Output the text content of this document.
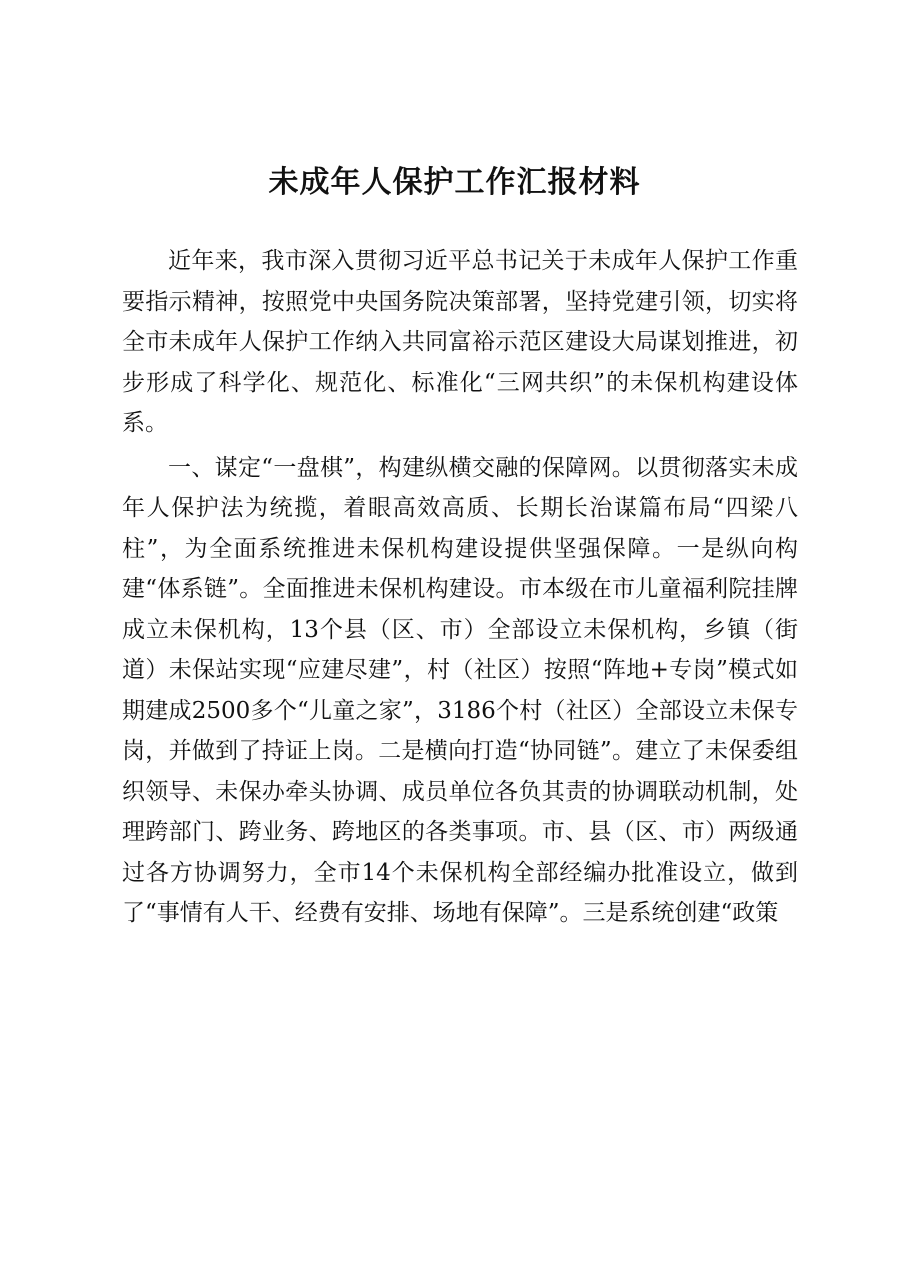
未成年人保护工作汇报材料

近年来，我市深入贯彻习近平总书记关于未成年人保护工作重要指示精神，按照党中央国务院决策部署，坚持党建引领，切实将全市未成年人保护工作纳入共同富裕示范区建设大局谋划推进，初步形成了科学化、规范化、标准化“三网共织”的未保机构建设体系。

一、谋定“一盘棋”，构建纵横交融的保障网。以贯彻落实未成年人保护法为统揽，着眼高效高质、长期长治谋篇布局“四梁八柱”，为全面系统推进未保机构建设提供坚强保障。一是纵向构建“体系链”。全面推进未保机构建设。市本级在市儿童福利院挂牌成立未保机构，13个县（区、市）全部设立未保机构，乡镇（街道）未保站实现“应建尽建”，村（社区）按照“阵地+专岗”模式如期建成2500多个“儿童之家”，3186个村（社区）全部设立未保专岗，并做到了持证上岗。二是横向打造“协同链”。建立了未保委组织领导、未保办牵头协调、成员单位各负其责的协调联动机制，处理跨部门、跨业务、跨地区的各类事项。市、县（区、市）两级通过各方协调努力，全市14个未保机构全部经编办批准设立，做到了“事情有人干、经费有安排、场地有保障”。三是系统创建“政策
